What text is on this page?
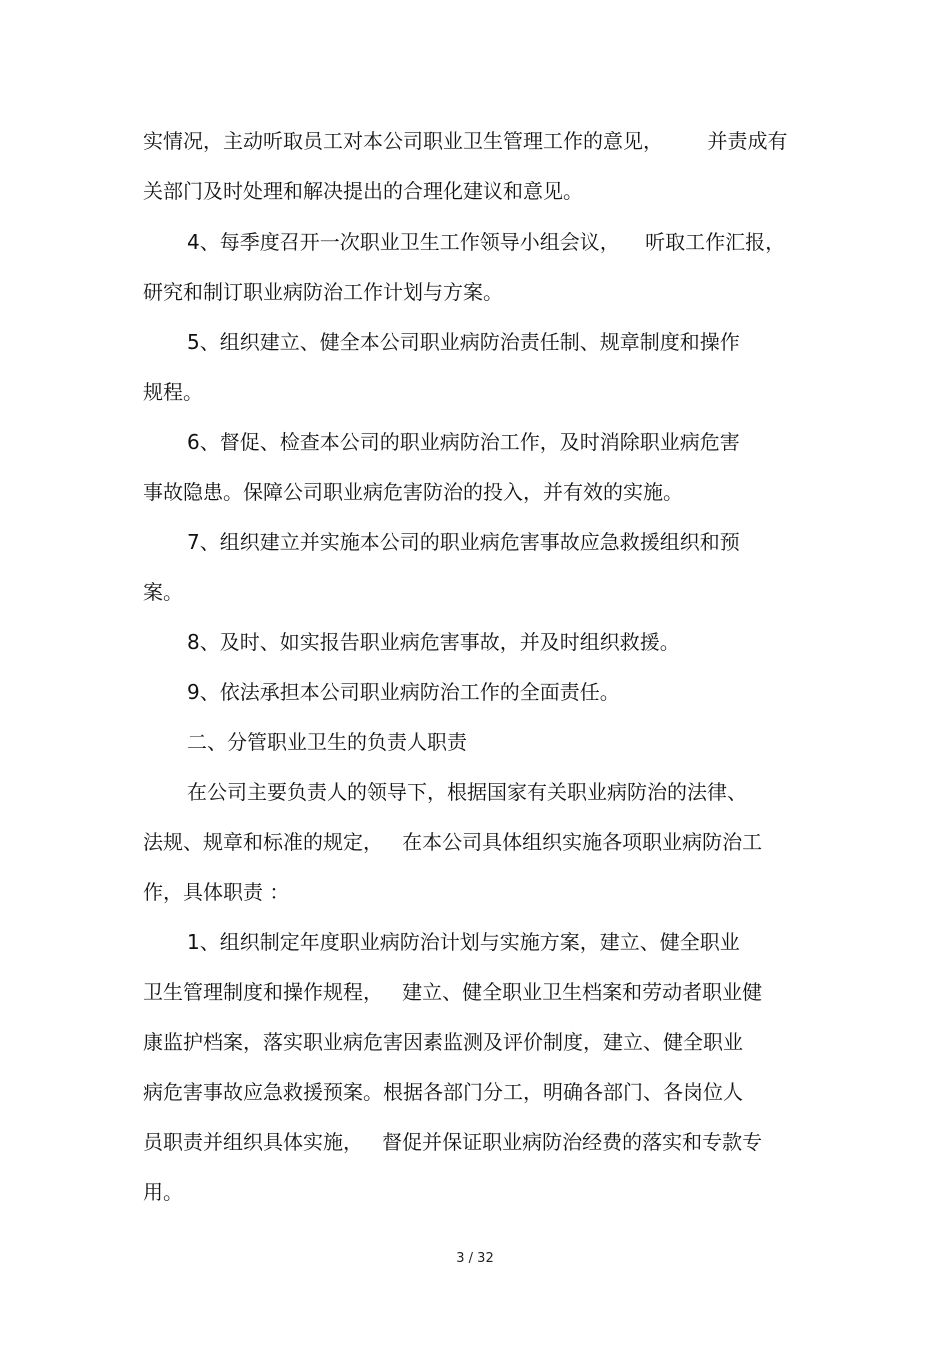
实情况，主动听取员工对本公司职业卫生管理工作的意见，       并责成有
关部门及时处理和解决提出的合理化建议和意见。
4、每季度召开一次职业卫生工作领导小组会议，    听取工作汇报，
研究和制订职业病防治工作计划与方案。
5、组织建立、健全本公司职业病防治责任制、规章制度和操作
规程。
6、督促、检查本公司的职业病防治工作，及时消除职业病危害
事故隐患。保障公司职业病危害防治的投入，并有效的实施。
7、组织建立并实施本公司的职业病危害事故应急救援组织和预
案。
8、及时、如实报告职业病危害事故，并及时组织救援。
9、依法承担本公司职业病防治工作的全面责任。
二、分管职业卫生的负责人职责
在公司主要负责人的领导下，根据国家有关职业病防治的法律、
法规、规章和标准的规定，   在本公司具体组织实施各项职业病防治工
作，具体职责 ：
1、组织制定年度职业病防治计划与实施方案，建立、健全职业
卫生管理制度和操作规程，   建立、健全职业卫生档案和劳动者职业健
康监护档案，落实职业病危害因素监测及评价制度，建立、健全职业
病危害事故应急救援预案。根据各部门分工，明确各部门、各岗位人
员职责并组织具体实施，   督促并保证职业病防治经费的落实和专款专
用。
3 / 32
